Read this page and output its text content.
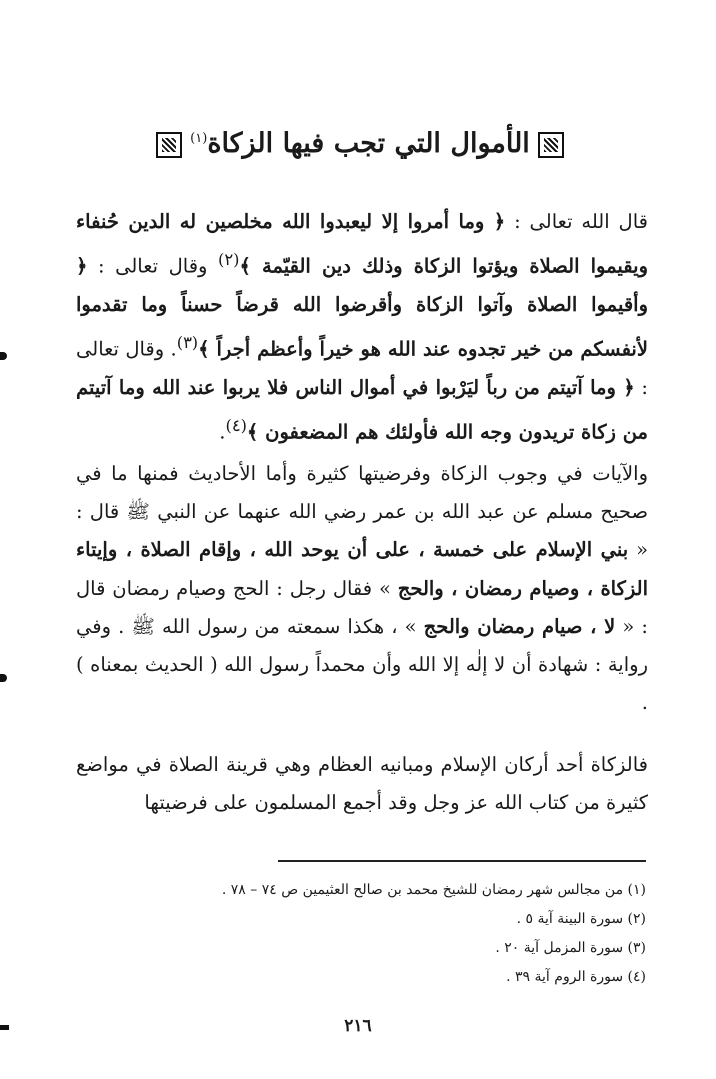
الأموال التي تجب فيها الزكاة$^{(١)}$
قال الله تعالى : ﴿ وما أمروا إلا ليعبدوا الله مخلصين له الدين حُنفاء ويقيموا الصلاة ويؤتوا الزكاة وذلك دين القيّمة ﴾$^{(٢)}$ وقال تعالى : ﴿ وأقيموا الصلاة وآتوا الزكاة وأقرضوا الله قرضاً حسناً وما تقدموا لأنفسكم من خير تجدوه عند الله هو خيراً وأعظم أجراً ﴾$^{(٣)}$. وقال تعالى : ﴿ وما آتيتم من رباً ليَرْبوا في أموال الناس فلا يربوا عند الله وما آتيتم من زكاة تريدون وجه الله فأولئك هم المضعفون ﴾$^{(٤)}$.
والآيات في وجوب الزكاة وفرضيتها كثيرة وأما الأحاديث فمنها ما في صحيح مسلم عن عبد الله بن عمر رضي الله عنهما عن النبي ﷺ قال : « بني الإسلام على خمسة ، على أن يوحد الله ، وإقام الصلاة ، وإيتاء الزكاة ، وصيام رمضان ، والحج » فقال رجل : الحج وصيام رمضان قال : « لا ، صيام رمضان والحج » ، هكذا سمعته من رسول الله ﷺ . وفي رواية : شهادة أن لا إلٰه إلا الله وأن محمداً رسول الله ( الحديث بمعناه ) .
فالزكاة أحد أركان الإسلام ومبانيه العظام وهي قرينة الصلاة في مواضع كثيرة من كتاب الله عز وجل وقد أجمع المسلمون على فرضيتها
(١) من مجالس شهر رمضان للشيخ محمد بن صالح العثيمين ص ٧٤ – ٧٨ .
(٢) سورة البينة آية ٥ .
(٣) سورة المزمل آية ٢٠ .
(٤) سورة الروم آية ٣٩ .
٢١٦
